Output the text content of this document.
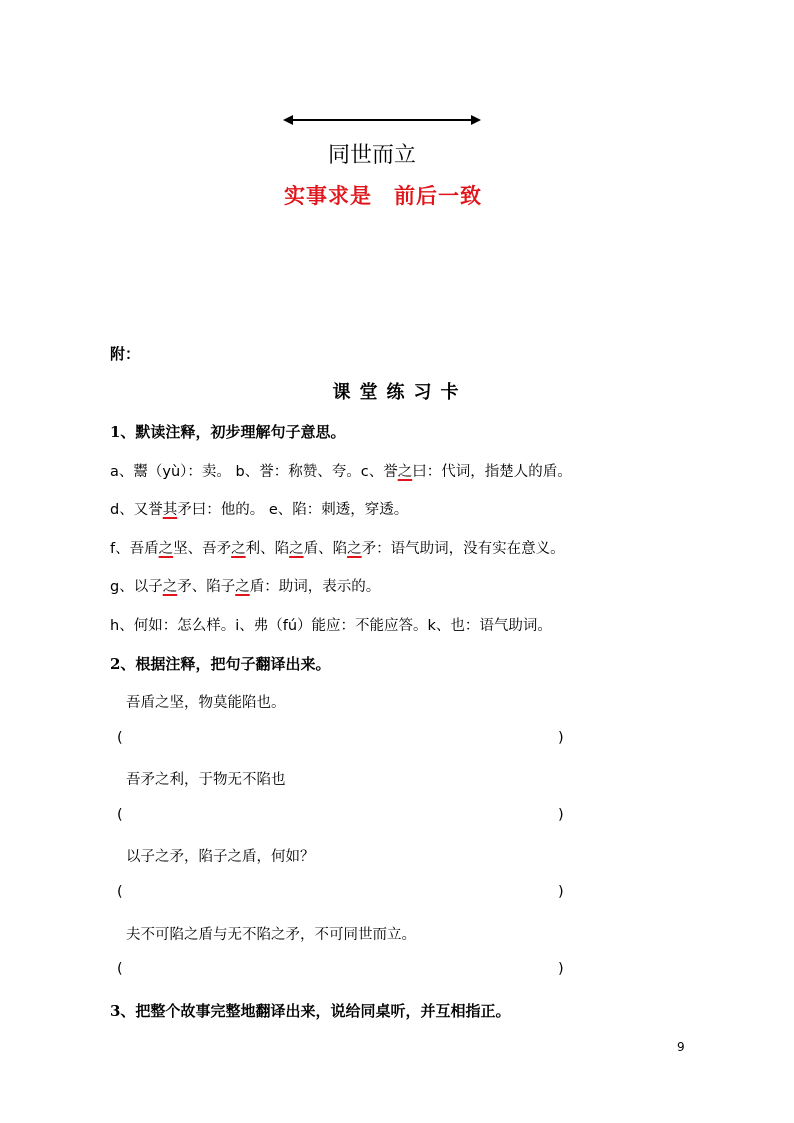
同世而立
实事求是　前后一致
附：
课堂练习卡
1、默读注释，初步理解句子意思。
a、鬻（yù）：卖。 b、誉：称赞、夸。c、誉之曰：代词，指楚人的盾。
d、又誉其矛曰：他的。 e、陷：刺透，穿透。
f、吾盾之坚、吾矛之利、陷之盾、陷之矛：语气助词，没有实在意义。
g、以子之矛、陷子之盾：助词，表示的。
h、何如：怎么样。i、弗（fú）能应：不能应答。k、也：语气助词。
2、根据注释，把句子翻译出来。
吾盾之坚，物莫能陷也。
(	)
吾矛之利，于物无不陷也
(	)
以子之矛，陷子之盾，何如？
(	)
夫不可陷之盾与无不陷之矛，不可同世而立。
(	)
3、把整个故事完整地翻译出来，说给同桌听，并互相指正。
9
